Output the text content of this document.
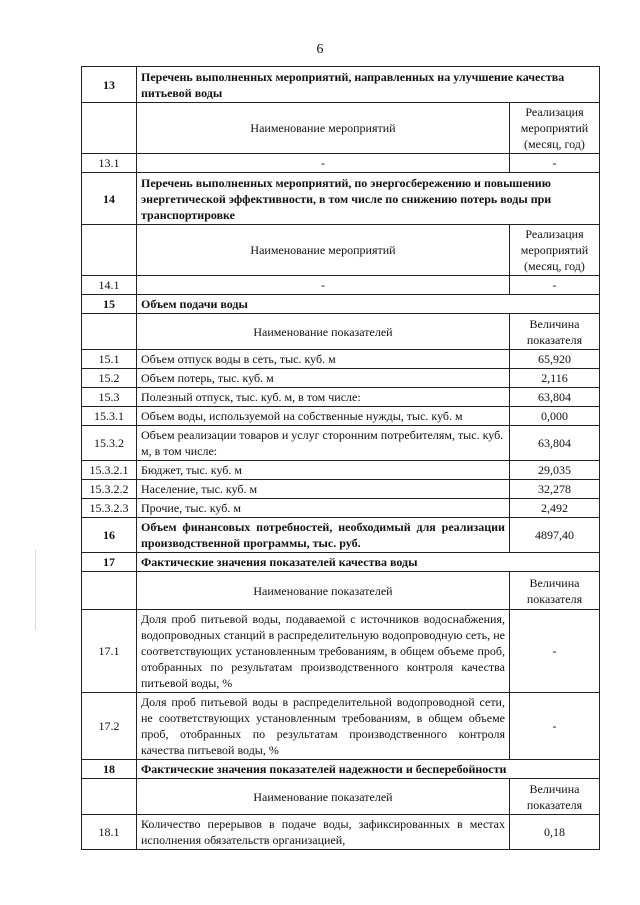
6
13	Перечень выполненных мероприятий, направленных на улучшение качества питьевой воды	
	Наименование мероприятий	Реализация мероприятий (месяц, год)
13.1	-	-
14	Перечень выполненных мероприятий, по энергосбережению и повышению энергетической эффективности, в том числе по снижению потерь воды при транспортировке	
	Наименование мероприятий	Реализация мероприятий (месяц, год)
14.1	-	-
15	Объем подачи воды	
	Наименование показателей	Величина показателя
15.1	Объем отпуск воды в сеть, тыс. куб. м	65,920
15.2	Объем потерь, тыс. куб. м	2,116
15.3	Полезный отпуск, тыс. куб. м, в том числе:	63,804
15.3.1	Объем воды, используемой на собственные нужды, тыс. куб. м	0,000
15.3.2	Объем реализации товаров и услуг сторонним потребителям, тыс. куб. м, в том числе:	63,804
15.3.2.1	Бюджет, тыс. куб. м	29,035
15.3.2.2	Население, тыс. куб. м	32,278
15.3.2.3	Прочие, тыс. куб. м	2,492
16	Объем финансовых потребностей, необходимый для реализации производственной программы, тыс. руб.	4897,40
17	Фактические значения показателей качества воды	
	Наименование показателей	Величина показателя
17.1	Доля проб питьевой воды, подаваемой с источников водоснабжения, водопроводных станций в распределительную водопроводную сеть, не соответствующих установленным требованиям, в общем объеме проб, отобранных по результатам производственного контроля качества питьевой воды, %	-
17.2	Доля проб питьевой воды в распределительной водопроводной сети, не соответствующих установленным требованиям, в общем объеме проб, отобранных по результатам производственного контроля качества питьевой воды, %	-
18	Фактические значения показателей надежности и бесперебойности	
	Наименование показателей	Величина показателя
18.1	Количество перерывов в подаче воды, зафиксированных в местах исполнения обязательств организацией,	0,18
